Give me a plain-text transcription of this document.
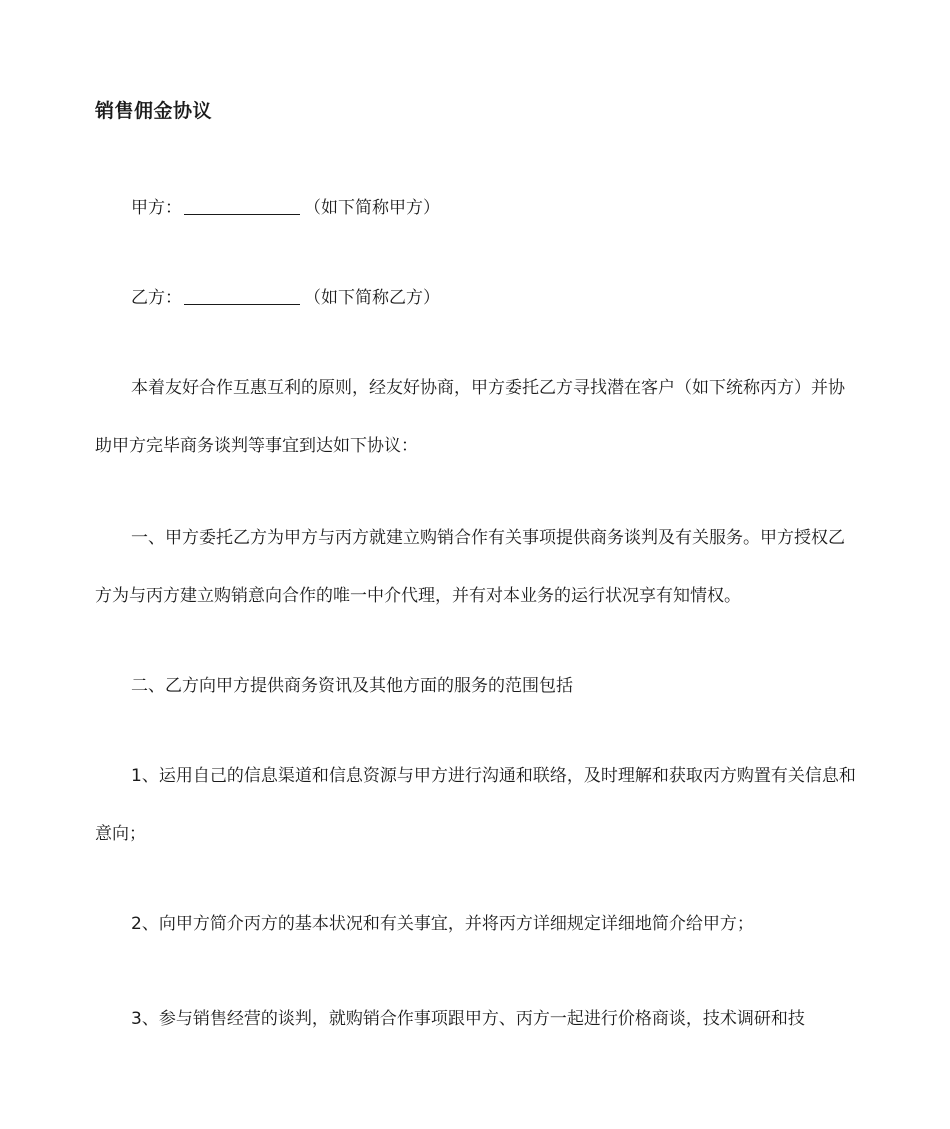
销售佣金协议

甲方：	（如下简称甲方）

乙方：	（如下简称乙方）

本着友好合作互惠互利的原则，经友好协商，甲方委托乙方寻找潜在客户（如下统称丙方）并协助甲方完毕商务谈判等事宜到达如下协议：

一、甲方委托乙方为甲方与丙方就建立购销合作有关事项提供商务谈判及有关服务。甲方授权乙方为与丙方建立购销意向合作的唯一中介代理，并有对本业务的运行状况享有知情权。

二、乙方向甲方提供商务资讯及其他方面的服务的范围包括

1、运用自己的信息渠道和信息资源与甲方进行沟通和联络，及时理解和获取丙方购置有关信息和意向；

2、向甲方简介丙方的基本状况和有关事宜，并将丙方详细规定详细地简介给甲方；

3、参与销售经营的谈判，就购销合作事项跟甲方、丙方一起进行价格商谈，技术调研和技
